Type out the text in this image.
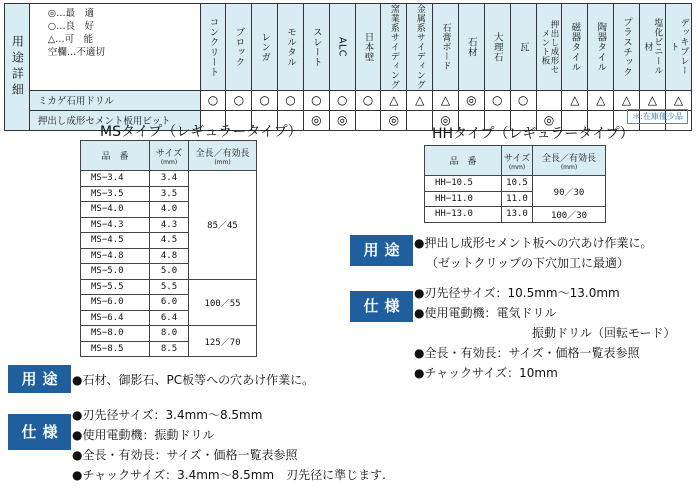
用途詳細	◎…最　適
○…良　好
△…可　能
空欄…不適切	コンクリート	ブロック	レンガ	モルタル	スレート	ALC	日本壁	窯業系サイディング	金属系サイディング	石膏ボード	石材	大理石	瓦	押出し成形セメント板	磁器タイル	陶器タイル	プラスチック	塩化ビニール材	デッキプレート

	ミカゲ石用ドリル	○	○	○	○	○	○	○	△	△	△	◎	○	○		△	△	△	△	△
	押出し成形セメント板用ビット					◎	◎		◎		◎				◎						＊:在庫僅少品
MSタイプ（レギュラータイプ）
品　番	サイズ
(mm)	全長／有効長
(mm)

MS−3.4	3.4	85／45
MS−3.5	3.5	
MS−4.0	4.0	
MS−4.3	4.3	
MS−4.5	4.5	
MS−4.8	4.8	
MS−5.0	5.0	
MS−5.5	5.5	100／55
MS−6.0	6.0	
MS−6.4	6.4	
MS−8.0	8.0	125／70
MS−8.5	8.5	
用途 ●石材、御影石、PC板等への穴あけ作業に。
仕様
●刃先径サイズ：3.4mm〜8.5mm
●使用電動機：振動ドリル
●全長・有効長：サイズ・価格一覧表参照
●チャックサイズ：3.4mm〜8.5mm　刃先径に準じます.
HHタイプ（レギュラータイプ）
品　番	サイズ
(mm)	全長／有効長
(mm)

HH−10.5	10.5	90／30
HH−11.0	11.0	
HH−13.0	13.0	100／30
用途 ●押出し成形セメント板への穴あけ作業に。
（ゼットクリップの下穴加工に最適）
仕様
●刃先径サイズ：10.5mm〜13.0mm
●使用電動機：電気ドリル
振動ドリル（回転モード）
●全長・有効長：サイズ・価格一覧表参照
●チャックサイズ：10mm
